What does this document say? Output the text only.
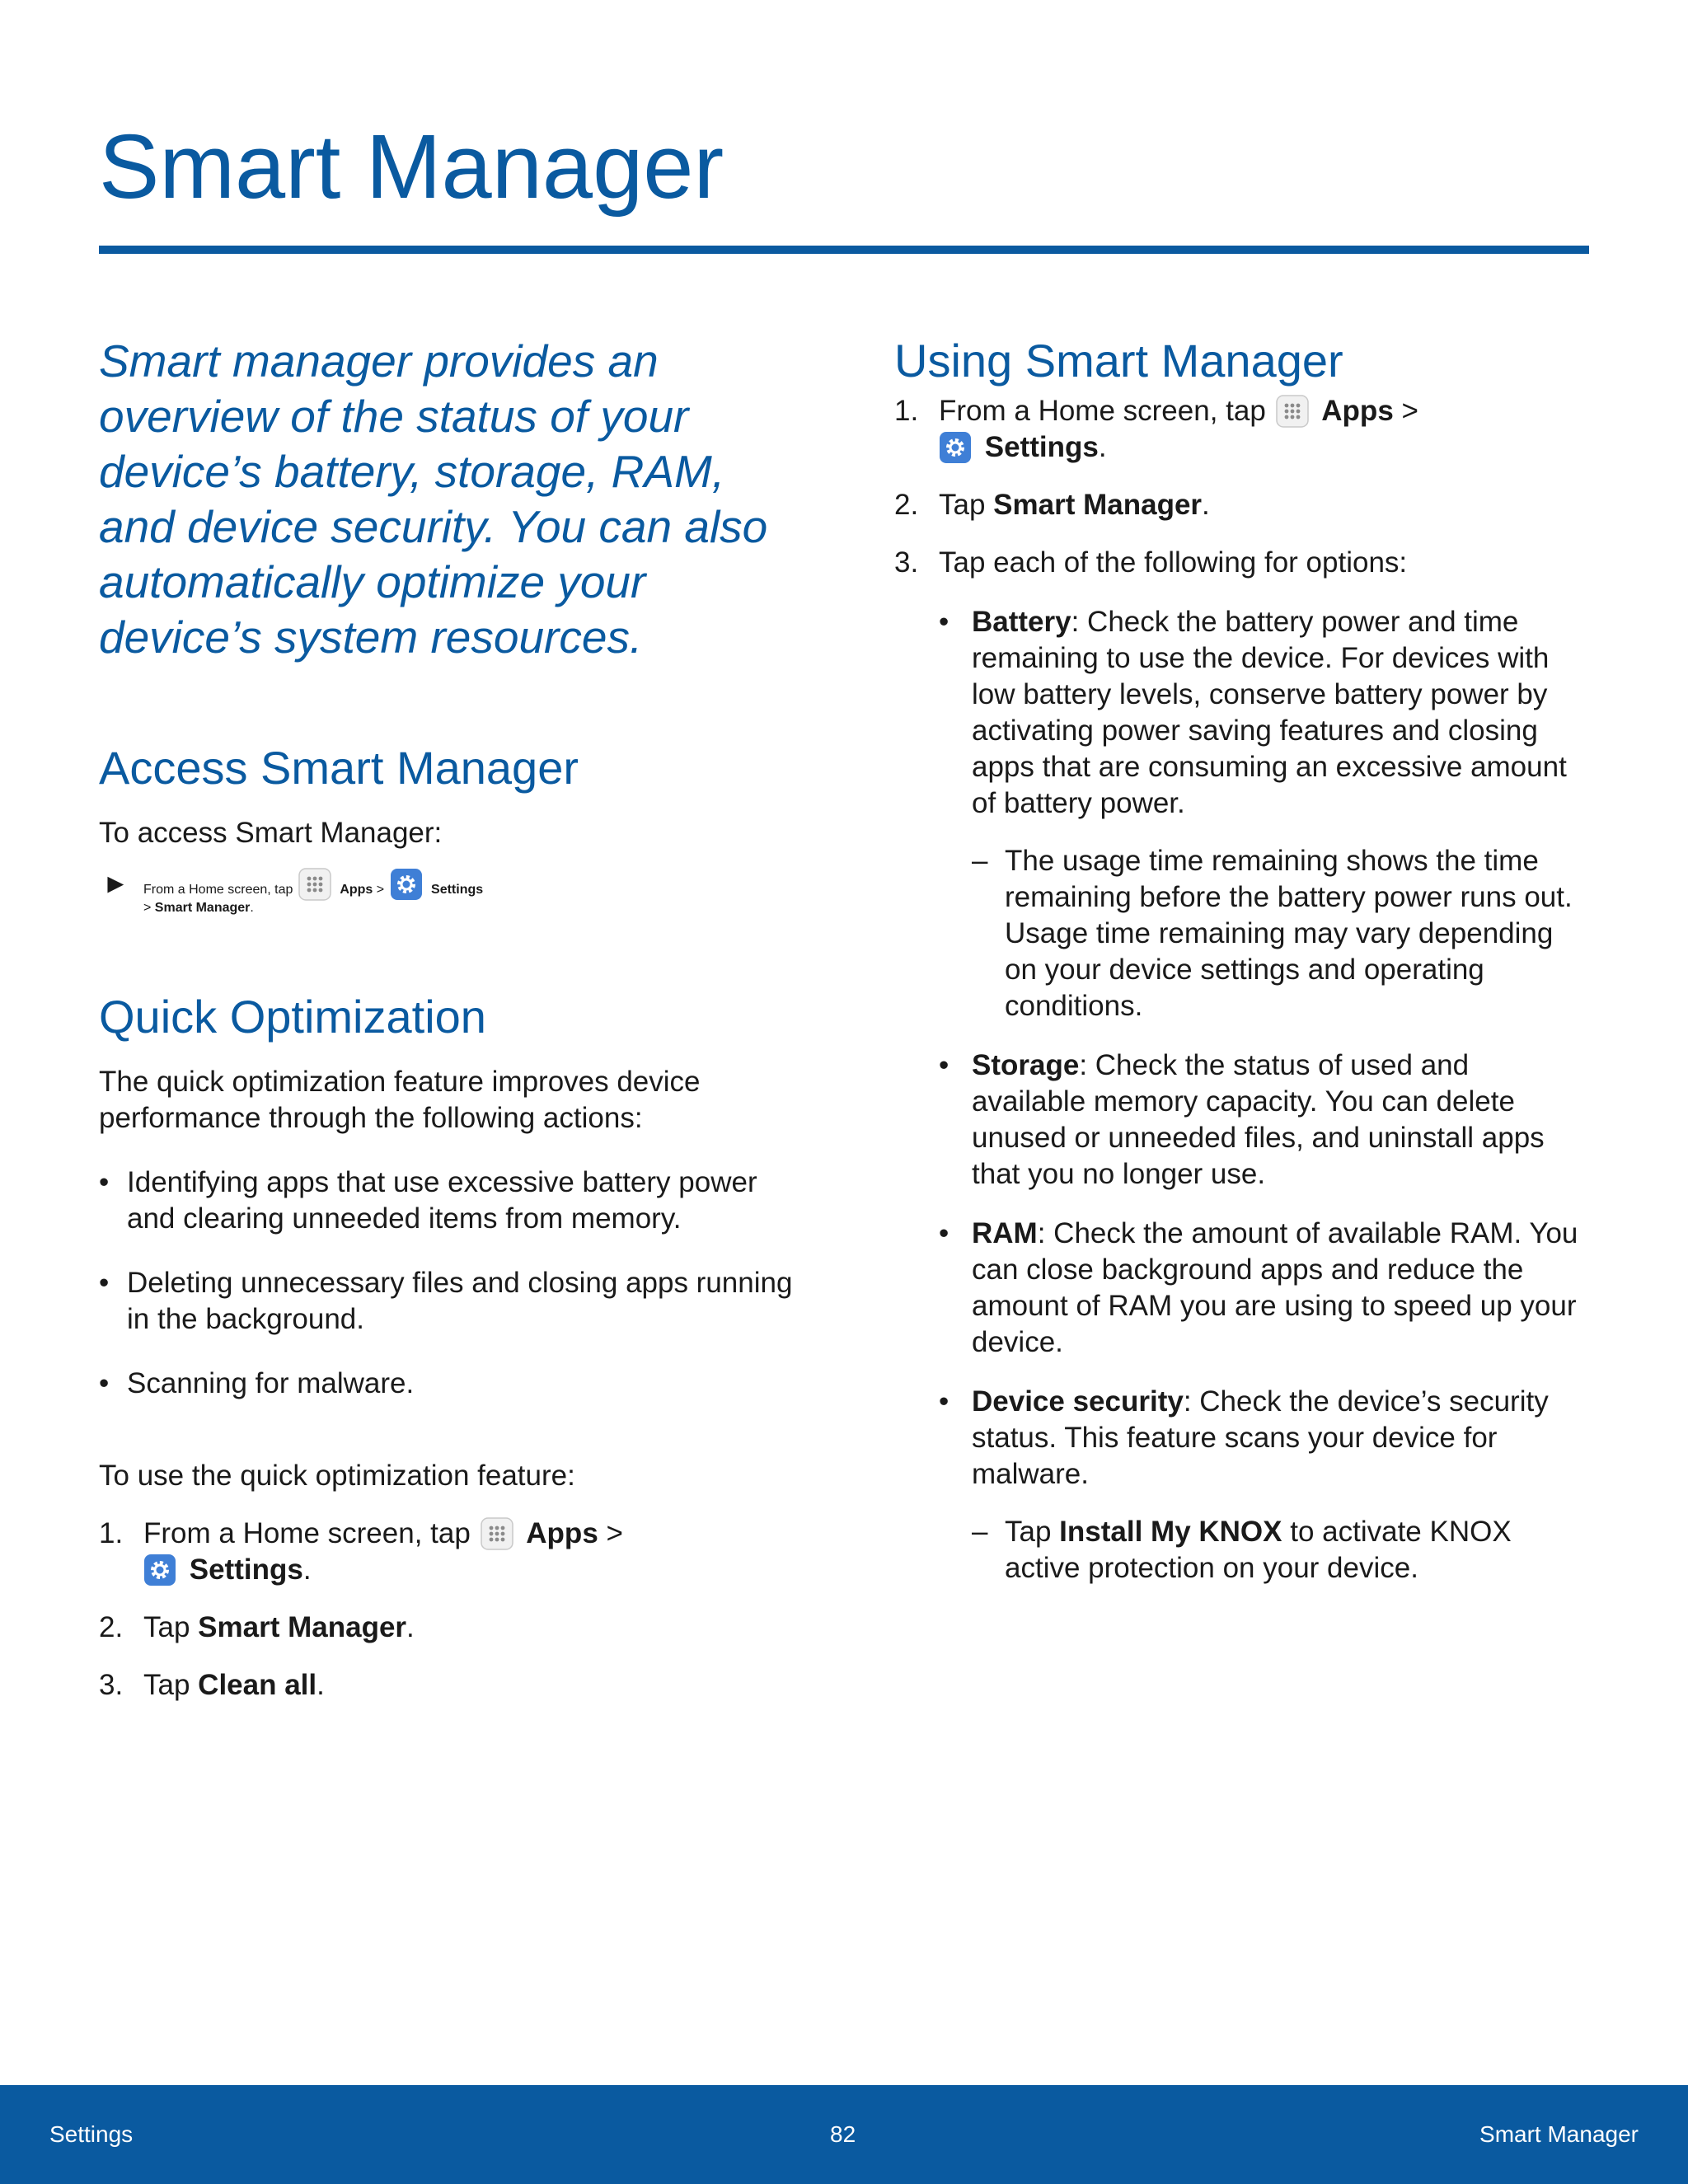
Smart Manager

Smart manager provides an overview of the status of your device’s battery, storage, RAM, and device security. You can also automatically optimize your device’s system resources.

Access Smart Manager

To access Smart Manager:

► From a Home screen, tap	Apps >	Settings
> Smart Manager.
Quick Optimization

The quick optimization feature improves device performance through the following actions:

• Identifying apps that use excessive battery power and clearing unneeded items from memory.
• Deleting unnecessary files and closing apps running in the background.
• Scanning for malware.

To use the quick optimization feature:

1. From a Home screen, tap Apps >
Settings.
2. Tap Smart Manager.
3. Tap Clean all.
Using Smart Manager
1. From a Home screen, tap Apps >
Settings.
2. Tap Smart Manager.
3. Tap each of the following for options:
• Battery: Check the battery power and time remaining to use the device. For devices with low battery levels, conserve battery power by activating power saving features and closing apps that are consuming an excessive amount of battery power.
– The usage time remaining shows the time remaining before the battery power runs out. Usage time remaining may vary depending on your device settings and operating conditions.
• Storage: Check the status of used and available memory capacity. You can delete unused or unneeded files, and uninstall apps that you no longer use.
• RAM: Check the amount of available RAM. You can close background apps and reduce the amount of RAM you are using to speed up your device.
• Device security: Check the device’s security status. This feature scans your device for malware.
– Tap Install My KNOX to activate KNOX active protection on your device.
Settings	82	Smart Manager
